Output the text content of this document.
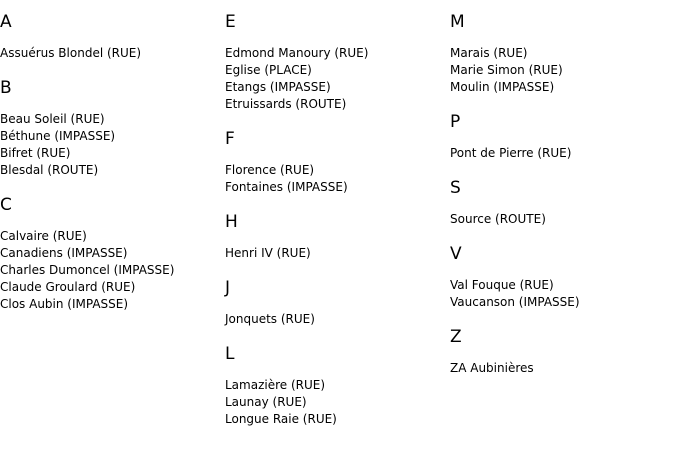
A
Assuérus Blondel (RUE)
B
Beau Soleil (RUE)
Béthune (IMPASSE)
Bifret (RUE)
Blesdal (ROUTE)
C
Calvaire (RUE)
Canadiens (IMPASSE)
Charles Dumoncel (IMPASSE)
Claude Groulard (RUE)
Clos Aubin (IMPASSE)
E
Edmond Manoury (RUE)
Eglise (PLACE)
Etangs (IMPASSE)
Etruissards (ROUTE)
F
Florence (RUE)
Fontaines (IMPASSE)
H
Henri IV (RUE)
J
Jonquets (RUE)
L
Lamazière (RUE)
Launay (RUE)
Longue Raie (RUE)
M
Marais (RUE)
Marie Simon (RUE)
Moulin (IMPASSE)
P
Pont de Pierre (RUE)
S
Source (ROUTE)
V
Val Fouque (RUE)
Vaucanson (IMPASSE)
Z
ZA Aubinières
